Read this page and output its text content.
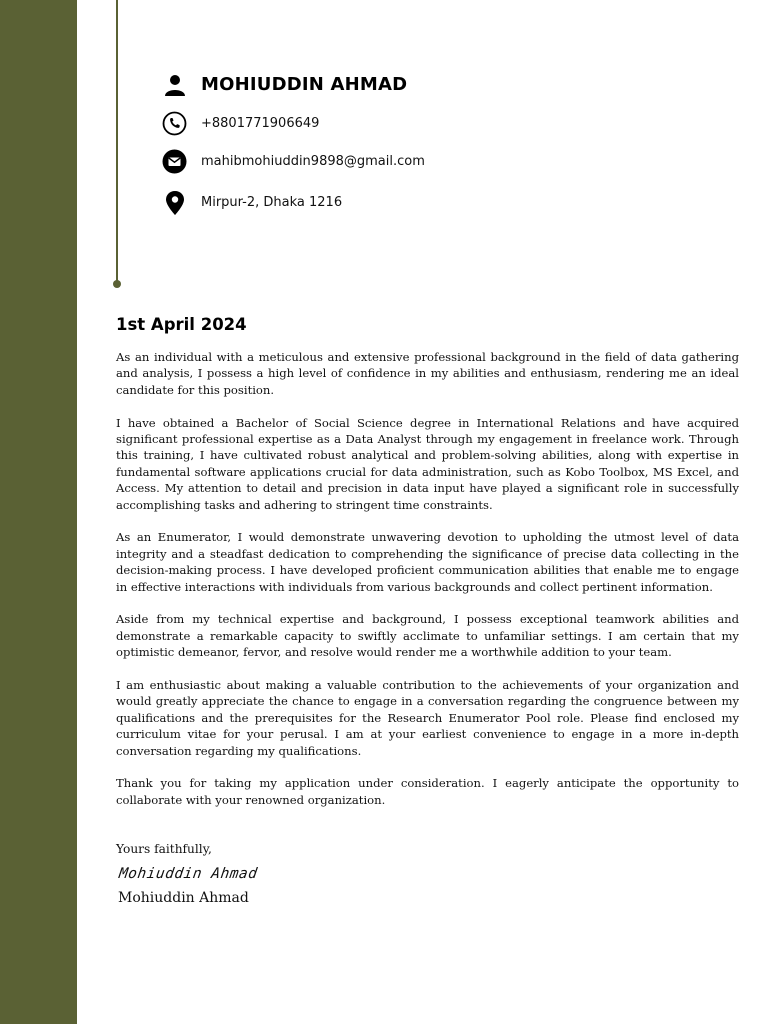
MOHIUDDIN AHMAD
+8801771906649
mahibmohiuddin9898@gmail.com
Mirpur-2, Dhaka 1216
1st April 2024

As an individual with a meticulous and extensive professional background in the field of data gathering and analysis, I possess a high level of confidence in my abilities and enthusiasm, rendering me an ideal candidate for this position.

I have obtained a Bachelor of Social Science degree in International Relations and have acquired significant professional expertise as a Data Analyst through my engagement in freelance work. Through this training, I have cultivated robust analytical and problem-solving abilities, along with expertise in fundamental software applications crucial for data administration, such as Kobo Toolbox, MS Excel, and Access. My attention to detail and precision in data input have played a significant role in successfully accomplishing tasks and adhering to stringent time constraints.

As an Enumerator, I would demonstrate unwavering devotion to upholding the utmost level of data integrity and a steadfast dedication to comprehending the significance of precise data collecting in the decision-making process. I have developed proficient communication abilities that enable me to engage in effective interactions with individuals from various backgrounds and collect pertinent information.

Aside from my technical expertise and background, I possess exceptional teamwork abilities and demonstrate a remarkable capacity to swiftly acclimate to unfamiliar settings. I am certain that my optimistic demeanor, fervor, and resolve would render me a worthwhile addition to your team.

I am enthusiastic about making a valuable contribution to the achievements of your organization and would greatly appreciate the chance to engage in a conversation regarding the congruence between my qualifications and the prerequisites for the Research Enumerator Pool role. Please find enclosed my curriculum vitae for your perusal. I am at your earliest convenience to engage in a more in-depth conversation regarding my qualifications.

Thank you for taking my application under consideration. I eagerly anticipate the opportunity to collaborate with your renowned organization.

Yours faithfully,
Mohiuddin Ahmad
Mohiuddin Ahmad
